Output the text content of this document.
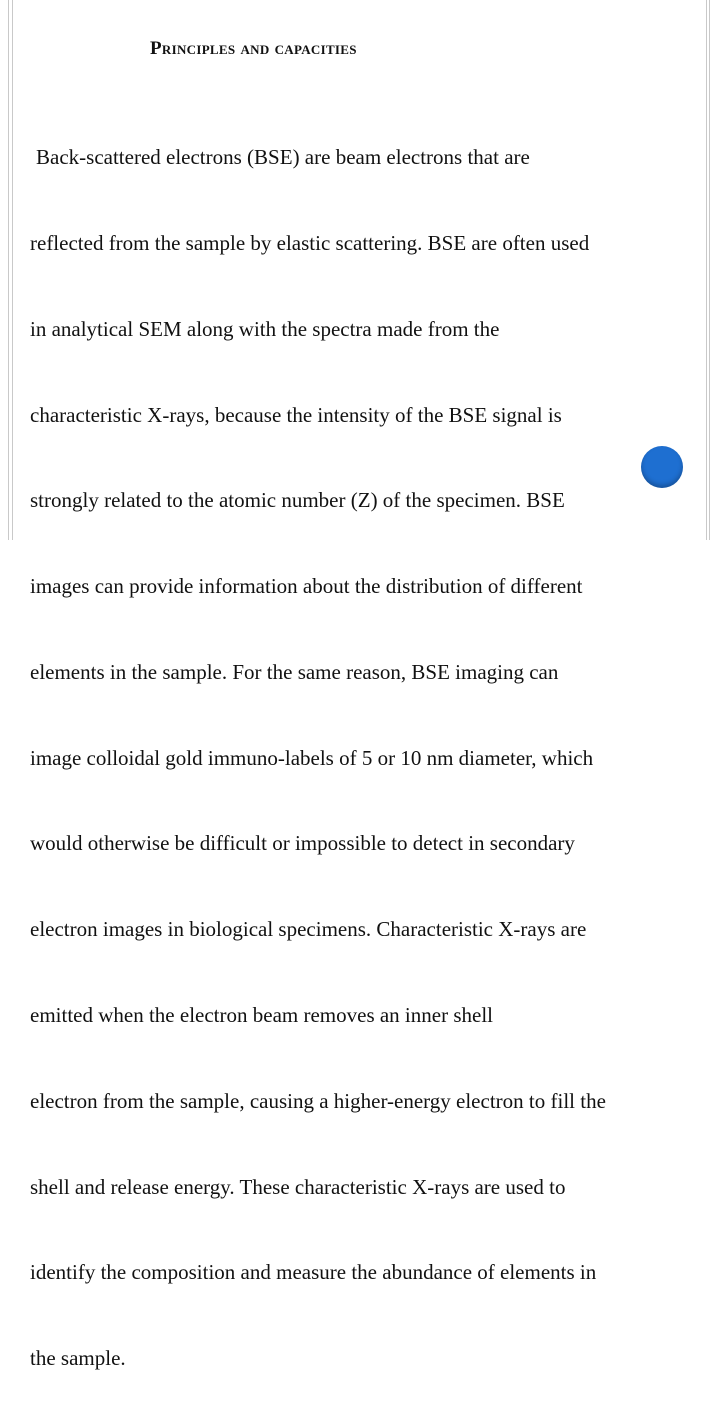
Principles and capacities

Back-scattered electrons (BSE) are beam electrons that are

reflected from the sample by elastic scattering. BSE are often used

in analytical SEM along with the spectra made from the

characteristic X-rays, because the intensity of the BSE signal is

strongly related to the atomic number (Z) of the specimen. BSE

images can provide information about the distribution of different

elements in the sample. For the same reason, BSE imaging can

image colloidal gold immuno-labels of 5 or 10 nm diameter, which

would otherwise be difficult or impossible to detect in secondary

electron images in biological specimens. Characteristic X-rays are

emitted when the electron beam removes an inner shell

electron from the sample, causing a higher-energy electron to fill the

shell and release energy. These characteristic X-rays are used to

identify the composition and measure the abundance of elements in

the sample.
